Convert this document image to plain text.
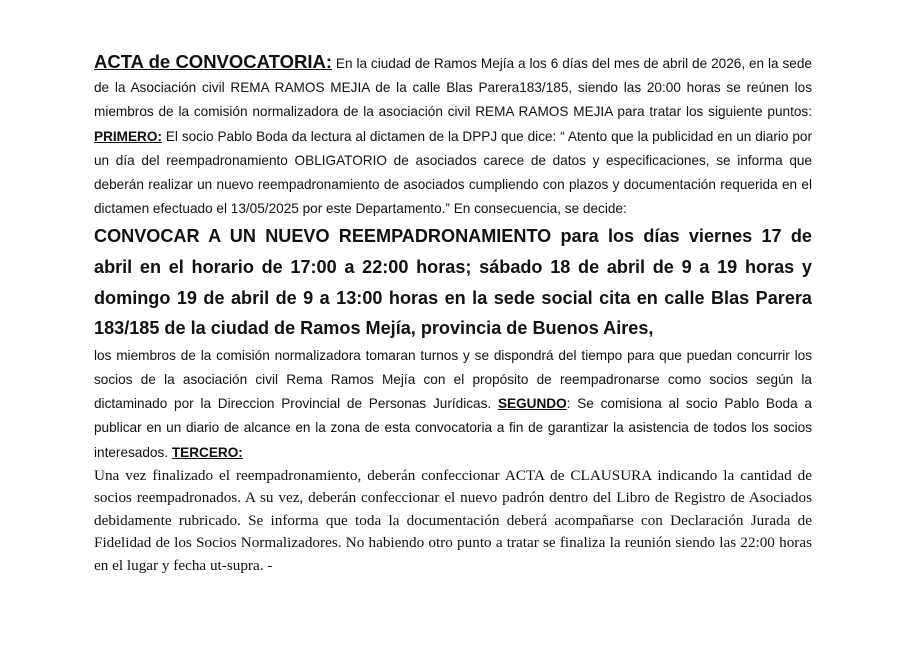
ACTA de CONVOCATORIA: En la ciudad de Ramos Mejía a los 6 días del mes de abril de 2026, en la sede de la Asociación civil REMA RAMOS MEJIA de la calle Blas Parera183/185, siendo las 20:00 horas se reúnen los miembros de la comisión normalizadora de la asociación civil REMA RAMOS MEJIA para tratar los siguiente puntos: PRIMERO: El socio Pablo Boda da lectura al dictamen de la DPPJ que dice: “ Atento que la publicidad en un diario por un día del reempadronamiento OBLIGATORIO de asociados carece de datos y especificaciones, se informa que deberán realizar un nuevo reempadronamiento de asociados cumpliendo con plazos y documentación requerida en el dictamen efectuado el 13/05/2025 por este Departamento.” En consecuencia, se decide:

CONVOCAR A UN NUEVO REEMPADRONAMIENTO para los días viernes 17 de abril en el horario de 17:00 a 22:00 horas; sábado 18 de abril de 9 a 19 horas y domingo 19 de abril de 9 a 13:00 horas en la sede social cita en calle Blas Parera 183/185 de la ciudad de Ramos Mejía, provincia de Buenos Aires,

los miembros de la comisión normalizadora tomaran turnos y se dispondrá del tiempo para que puedan concurrir los socios de la asociación civil Rema Ramos Mejía con el propósito de reempadronarse como socios según la dictaminado por la Direccion Provincial de Personas Jurídicas. SEGUNDO: Se comisiona al socio Pablo Boda a publicar en un diario de alcance en la zona de esta convocatoria a fin de garantizar la asistencia de todos los socios interesados. TERCERO:

Una vez finalizado el reempadronamiento, deberán confeccionar ACTA de CLAUSURA indicando la cantidad de socios reempadronados. A su vez, deberán confeccionar el nuevo padrón dentro del Libro de Registro de Asociados debidamente rubricado. Se informa que toda la documentación deberá acompañarse con Declaración Jurada de Fidelidad de los Socios Normalizadores. No habiendo otro punto a tratar se finaliza la reunión siendo las 22:00 horas en el lugar y fecha ut-supra. -
